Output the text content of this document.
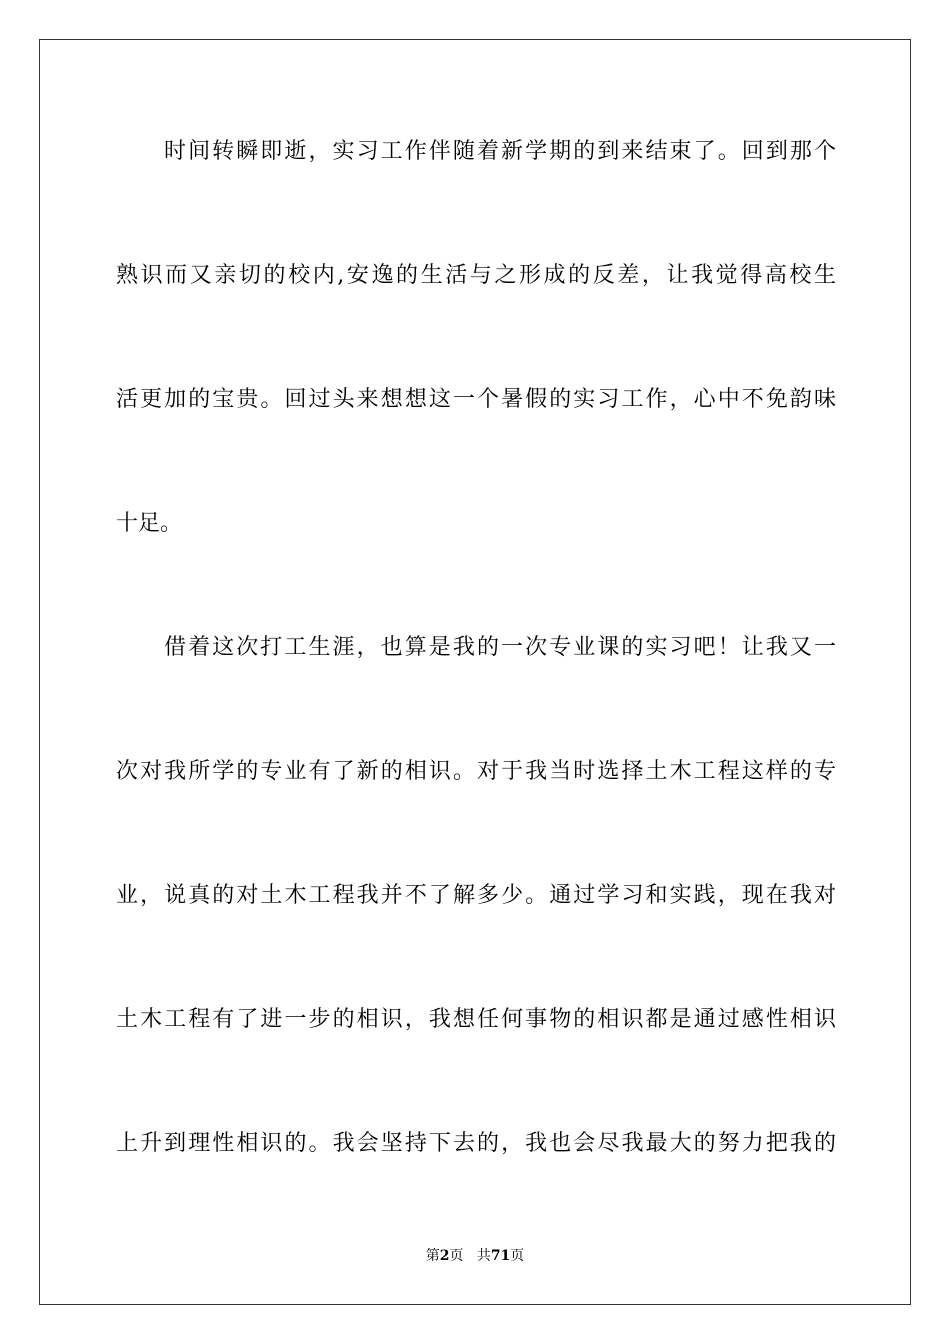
时间转瞬即逝，实习工作伴随着新学期的到来结束了。回到那个
熟识而又亲切的校内,安逸的生活与之形成的反差，让我觉得高校生
活更加的宝贵。回过头来想想这一个暑假的实习工作，心中不免韵味
十足。
借着这次打工生涯，也算是我的一次专业课的实习吧！让我又一
次对我所学的专业有了新的相识。对于我当时选择土木工程这样的专
业，说真的对土木工程我并不了解多少。通过学习和实践，现在我对
土木工程有了进一步的相识，我想任何事物的相识都是通过感性相识
上升到理性相识的。我会坚持下去的，我也会尽我最大的努力把我的
第2页 共71页
